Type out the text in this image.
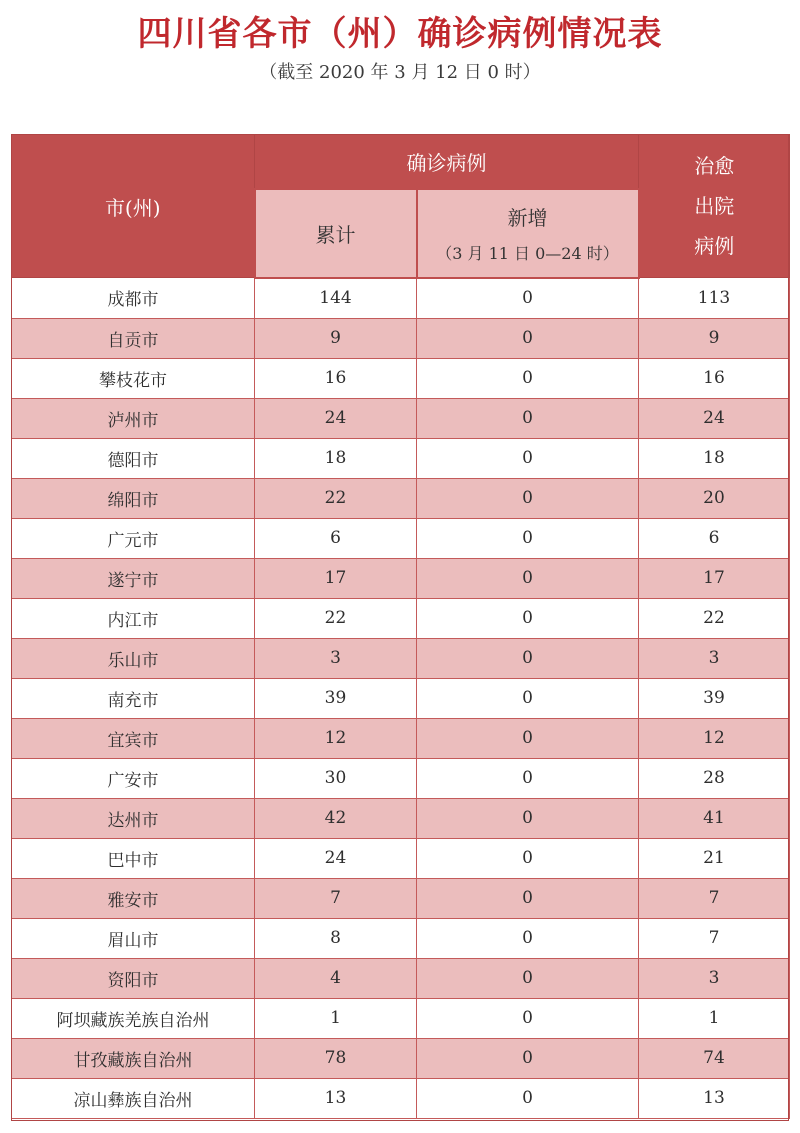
四川省各市（州）确诊病例情况表
（截至 2020 年 3 月 12 日 0 时）
市(州)	确诊病例		治愈
出院
病例

	累计	新增
（3 月 11 日 0—24 时）	

成都市	144	0	113
自贡市	9	0	9
攀枝花市	16	0	16
泸州市	24	0	24
德阳市	18	0	18
绵阳市	22	0	20
广元市	6	0	6
遂宁市	17	0	17
内江市	22	0	22
乐山市	3	0	3
南充市	39	0	39
宜宾市	12	0	12
广安市	30	0	28
达州市	42	0	41
巴中市	24	0	21
雅安市	7	0	7
眉山市	8	0	7
资阳市	4	0	3
阿坝藏族羌族自治州	1	0	1
甘孜藏族自治州	78	0	74
凉山彝族自治州	13	0	13
